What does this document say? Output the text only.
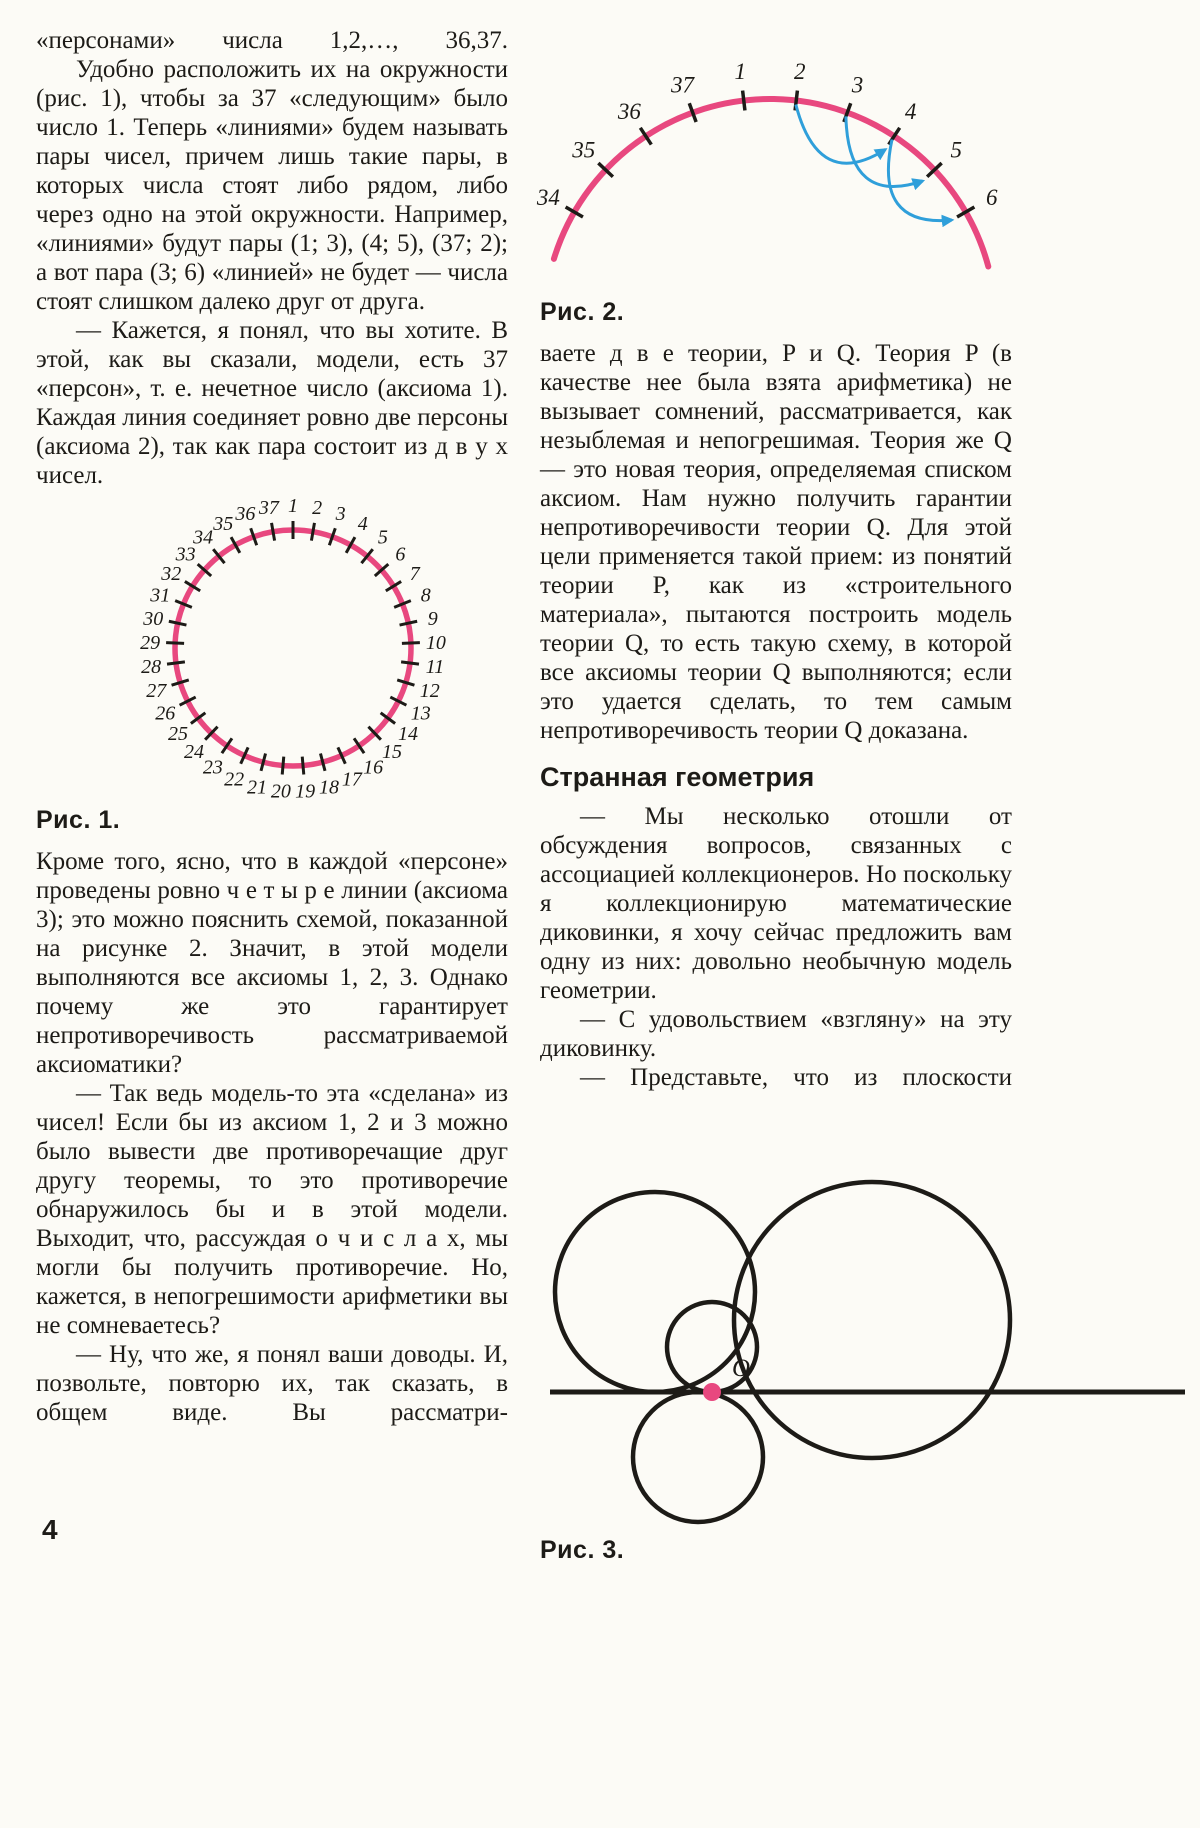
«персонами» числа 1,2,…, 36,37.

Удобно расположить их на окружности (рис. 1), чтобы за 37 «следующим» было число 1. Теперь «линиями» будем называть пары чисел, причем лишь такие пары, в которых числа стоят либо рядом, либо через одно на этой окружности. Например, «линиями» будут пары (1; 3), (4; 5), (37; 2); а вот пара (3; 6) «линией» не будет — числа стоят слишком далеко друг от друга.

— Кажется, я понял, что вы хотите. В этой, как вы сказали, модели, есть 37 «персон», т. е. нечетное число (аксиома 1). Каждая линия соединяет ровно две персоны (аксиома 2), так как пара состоит из д в у х чисел.

1 2 3 4
5
6
7
8
9
10
11
12
13
14
15
16
17
18
19
20
21
22
23
24
25
26
27
28
29
30
31
32
33
34
35 36 37
Рис. 1.

Кроме того, ясно, что в каждой «персоне» проведены ровно ч е т ы р е линии (аксиома 3); это можно пояснить схемой, показанной на рисунке 2. Значит, в этой модели выполняются все аксиомы 1, 2, 3. Однако почему же это гарантирует непротиворечивость рассматриваемой аксиоматики?

— Так ведь модель-то эта «сделана» из чисел! Если бы из аксиом 1, 2 и 3 можно было вывести две противоречащие друг другу теоремы, то это противоречие обнаружилось бы и в этой модели. Выходит, что, рассуждая о ч и с л а х, мы могли бы получить противоречие. Но, кажется, в непогрешимости арифметики вы не сомневаетесь?

— Ну, что же, я понял ваши доводы. И, позвольте, повторю их, так сказать, в общем виде. Вы рассматри-

34
35
36
37
1 2
3
4
5
6
Рис. 2.

ваете д в е теории, P и Q. Теория P (в качестве нее была взята арифметика) не вызывает сомнений, рассматривается, как незыблемая и непогрешимая. Теория же Q — это новая теория, определяемая списком аксиом. Нам нужно получить гарантии непротиворечивости теории Q. Для этой цели применяется такой прием: из понятий теории P, как из «строительного материала», пытаются построить модель теории Q, то есть такую схему, в которой все аксиомы теории Q выполняются; если это удается сделать, то тем самым непротиворечивость теории Q доказана.

Странная геометрия

— Мы несколько отошли от обсуждения вопросов, связанных с ассоциацией коллекционеров. Но поскольку я коллекционирую математические диковинки, я хочу сейчас предложить вам одну из них: довольно необычную модель геометрии.

— С удовольствием «взгляну» на эту диковинку.

— Представьте, что из плоскости

O
Рис. 3.
4
